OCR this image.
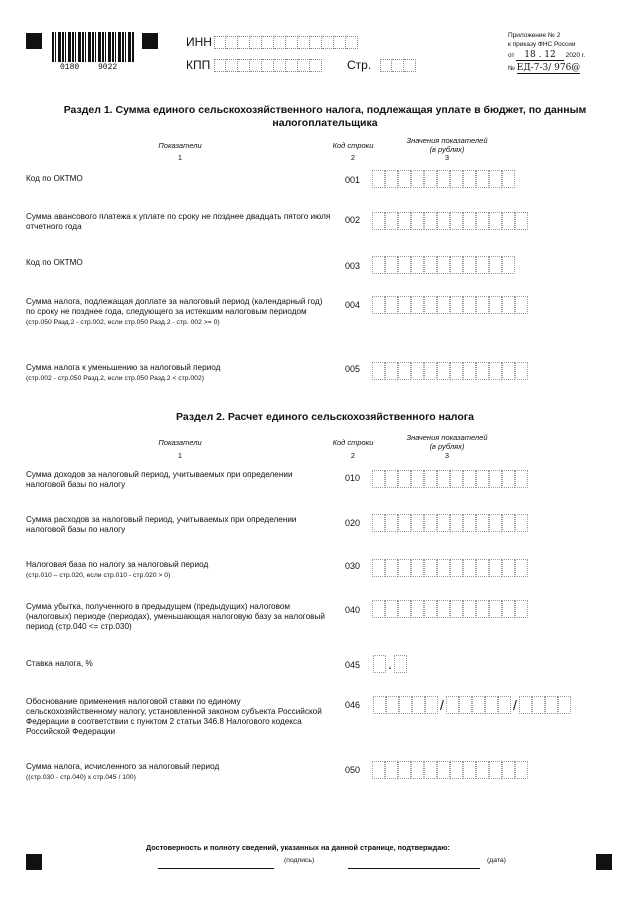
0180 9022
ИНН
КПП	Стр.
Приложение № 2
к приказу ФНС России
от 18 . 12 2020 г.
№ ЕД-7-3/ 976@
Раздел 1. Сумма единого сельскохозяйственного налога, подлежащая уплате в бюджет, по данным
налогоплательщика
Показатели	Код строки
Значения показателей
(в рублях)
1	2	3
Код по ОКТМО	001
Сумма авансового платежа к уплате по сроку не позднее двадцать пятого июля отчетного года
002
Код по ОКТМО	003
Сумма налога, подлежащая доплате за налоговый период (календарный год) по сроку не позднее года, следующего за истекшим налоговым периодом
(стр.050 Разд.2 - стр.002, если стр.050 Разд.2 - стр. 002 >= 0)
004
Сумма налога к уменьшению за налоговый период
(стр.002 - стр.050 Разд.2, если стр.050 Разд.2 < стр.002)
005
Раздел 2. Расчет единого сельскохозяйственного налога
Показатели	Код строки
Значения показателей
(в рублях)
1	2	3
Сумма доходов за налоговый период, учитываемых при определении налоговой базы по налогу
010
Сумма расходов за налоговый период, учитываемых при определении налоговой базы по налогу
020
Налоговая база по налогу за налоговый период
(стр.010 – стр.020, если стр.010 - стр.020 > 0)
030
Сумма убытка, полученного в предыдущем (предыдущих) налоговом (налоговых) периоде (периодах), уменьшающая налоговую базу за налоговый период (стр.040 <= стр.030)
040
Ставка налога, %	045 .
Обоснование применения налоговой ставки по единому сельскохозяйственному налогу, установленной законом субъекта Российской Федерации в соответствии с пунктом 2 статьи 346.8 Налогового кодекса Российской Федерации
046	/	/
Сумма налога, исчисленного за налоговый период
((стр.030 - стр.040) х стр.045 / 100)
050
Достоверность и полноту сведений, указанных на данной странице, подтверждаю:
(подпись)	(дата)
